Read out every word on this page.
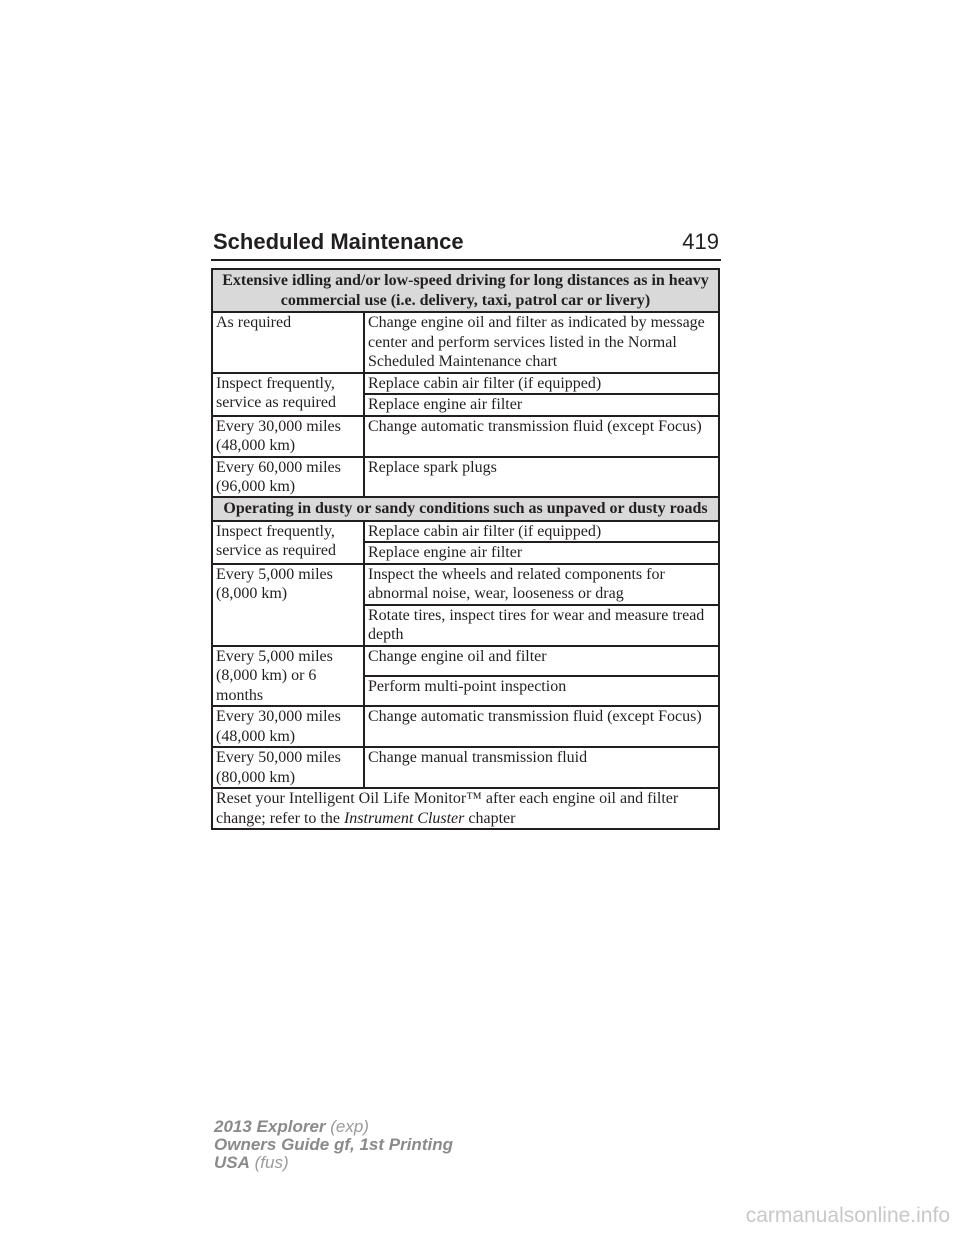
Scheduled Maintenance	419
Extensive idling and/or low-speed driving for long distances as in heavy commercial use (i.e. delivery, taxi, patrol car or livery)	
As required	Change engine oil and filter as indicated by message center and perform services listed in the Normal Scheduled Maintenance chart
Inspect frequently, service as required	Replace cabin air filter (if equipped)
	Replace engine air filter
Every 30,000 miles (48,000 km)	Change automatic transmission fluid (except Focus)
Every 60,000 miles (96,000 km)	Replace spark plugs
Operating in dusty or sandy conditions such as unpaved or dusty roads	
Inspect frequently, service as required	Replace cabin air filter (if equipped)
	Replace engine air filter
Every 5,000 miles (8,000 km)	Inspect the wheels and related components for abnormal noise, wear, looseness or drag
	Rotate tires, inspect tires for wear and measure tread depth
Every 5,000 miles (8,000 km) or 6 months	Change engine oil and filter
	Perform multi-point inspection
Every 30,000 miles (48,000 km)	Change automatic transmission fluid (except Focus)
Every 50,000 miles (80,000 km)	Change manual transmission fluid
Reset your Intelligent Oil Life Monitor™ after each engine oil and filter change; refer to the Instrument Cluster chapter	
2013 Explorer (exp)
Owners Guide gf, 1st Printing
USA (fus)
carmanualsonline.info
